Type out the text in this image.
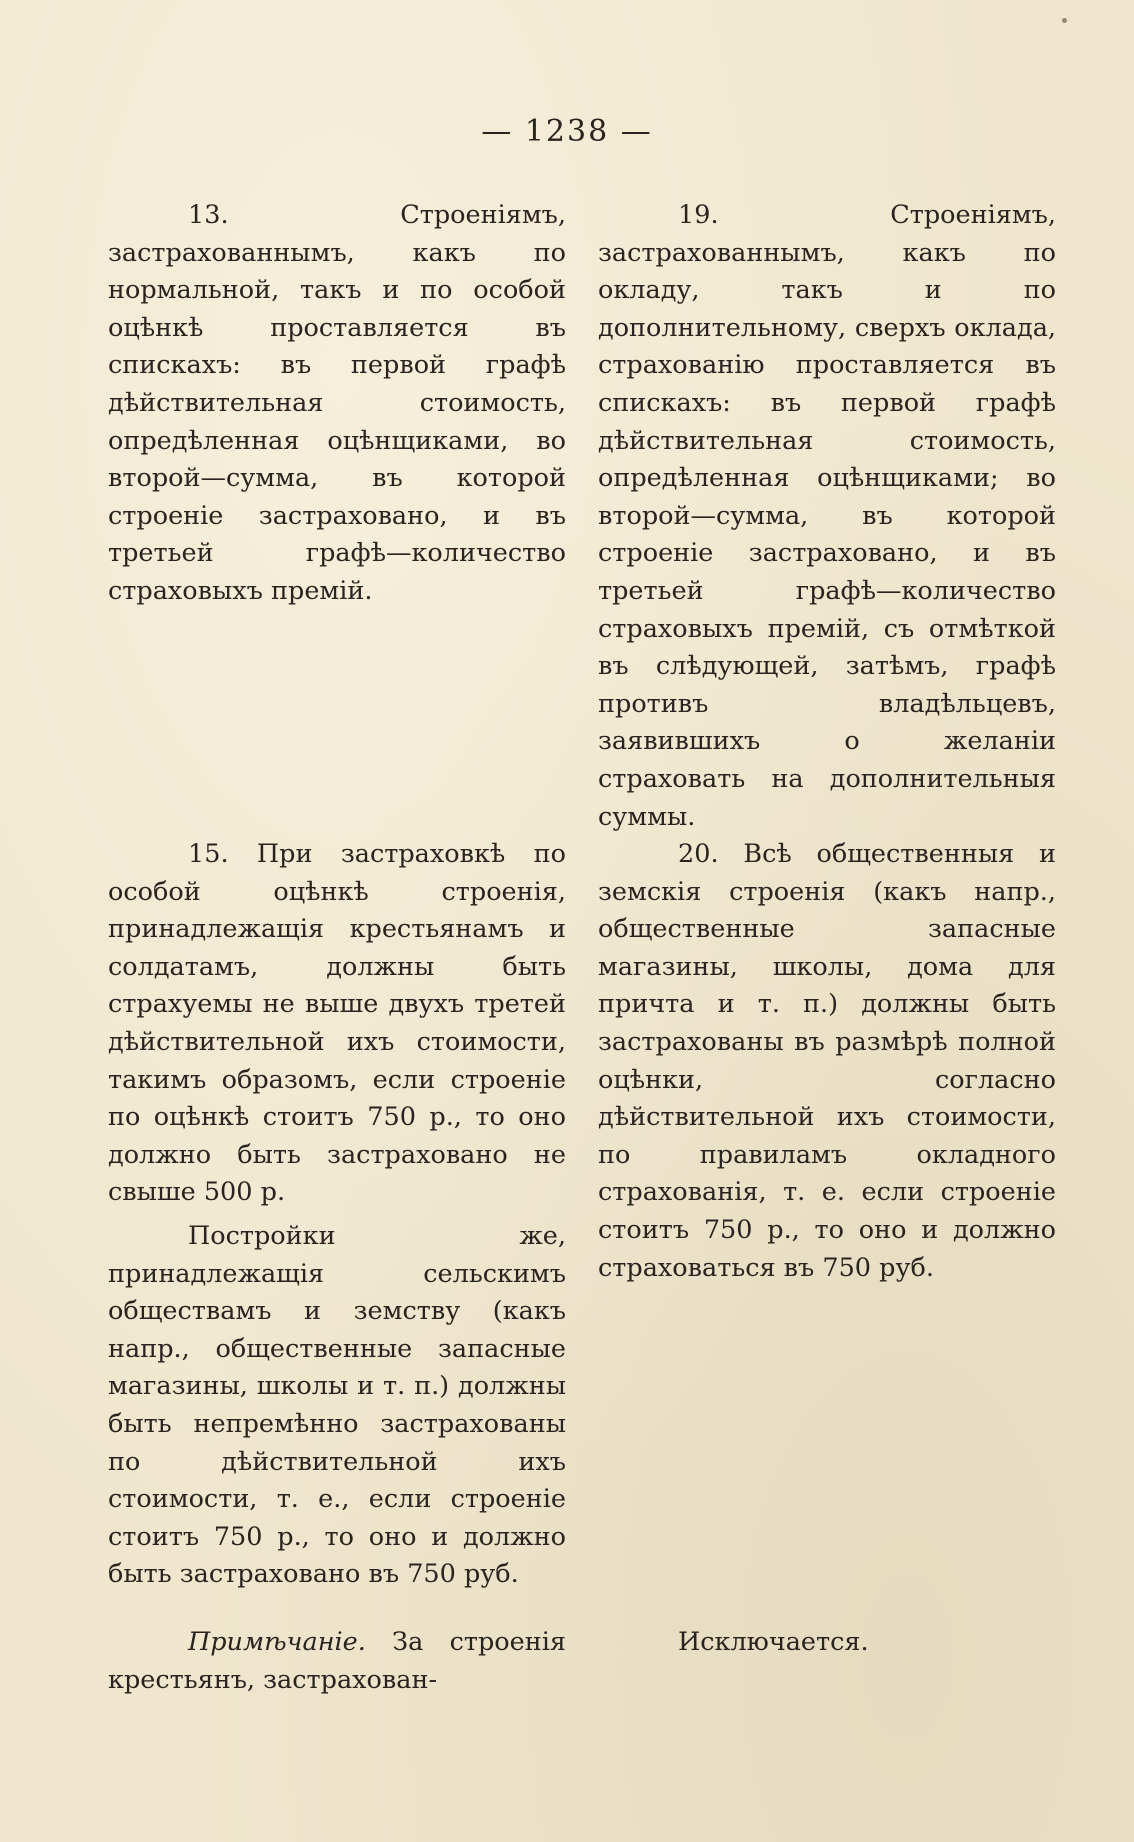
— 1238 —

13. Строеніямъ, застрахованнымъ, какъ по нормальной, такъ и по особой оцѣнкѣ проставляется въ спискахъ: въ первой графѣ дѣйствительная стоимость, опредѣленная оцѣнщиками, во второй—сумма, въ которой строеніе застраховано, и въ третьей графѣ—количество страховыхъ премій.

19. Строеніямъ, застрахованнымъ, какъ по окладу, такъ и по дополнительному, сверхъ оклада, страхованію проставляется въ спискахъ: въ первой графѣ дѣйствительная стоимость, опредѣленная оцѣнщиками; во второй—сумма, въ которой строеніе застраховано, и въ третьей графѣ—количество страховыхъ премій, съ отмѣткой въ слѣдующей, затѣмъ, графѣ противъ владѣльцевъ, заявившихъ о желаніи страховать на дополнительныя суммы.

15. При застраховкѣ по особой оцѣнкѣ строенія, принадлежащія крестьянамъ и солдатамъ, должны быть страхуемы не выше двухъ третей дѣйствительной ихъ стоимости, такимъ образомъ, если строеніе по оцѣнкѣ стоитъ 750 р., то оно должно быть застраховано не свыше 500 р.

Постройки же, принадлежащія сельскимъ обществамъ и земству (какъ напр., общественные запасные магазины, школы и т. п.) должны быть непремѣнно застрахованы по дѣйствительной ихъ стоимости, т. е., если строеніе стоитъ 750 р., то оно и должно быть застраховано въ 750 руб.

20. Всѣ общественныя и земскія строенія (какъ напр., общественные запасные магазины, школы, дома для причта и т. п.) должны быть застрахованы въ размѣрѣ полной оцѣнки, согласно дѣйствительной ихъ стоимости, по правиламъ окладного страхованія, т. е. если строеніе стоитъ 750 р., то оно и должно страховаться въ 750 руб.

Примѣчаніе. За строенія крестьянъ, застрахован-

Исключается.
